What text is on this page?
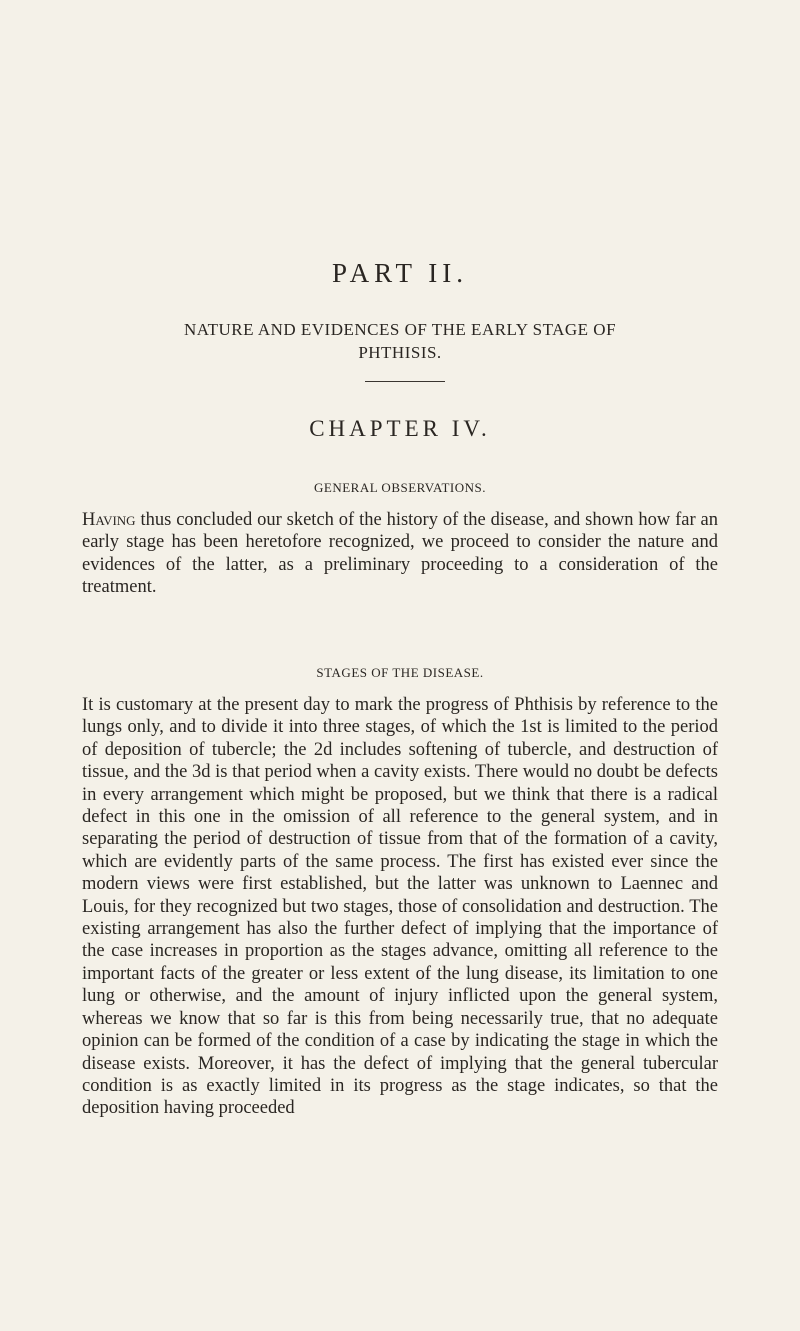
PART II.
NATURE AND EVIDENCES OF THE EARLY STAGE OF
PHTHISIS.
CHAPTER IV.
GENERAL OBSERVATIONS.

Having thus concluded our sketch of the history of the disease, and shown how far an early stage has been heretofore recognized, we proceed to consider the nature and evidences of the latter, as a preliminary proceeding to a consideration of the treatment.

STAGES OF THE DISEASE.

It is customary at the present day to mark the progress of Phthisis by reference to the lungs only, and to divide it into three stages, of which the 1st is limited to the period of deposition of tubercle; the 2d includes softening of tubercle, and destruction of tissue, and the 3d is that period when a cavity exists. There would no doubt be defects in every arrangement which might be proposed, but we think that there is a radical defect in this one in the omission of all reference to the general system, and in separating the period of destruction of tissue from that of the formation of a cavity, which are evidently parts of the same process. The first has existed ever since the modern views were first established, but the latter was unknown to Laennec and Louis, for they recognized but two stages, those of consolidation and destruction. The existing arrangement has also the further defect of implying that the importance of the case increases in proportion as the stages advance, omitting all reference to the important facts of the greater or less extent of the lung disease, its limitation to one lung or otherwise, and the amount of injury inflicted upon the general system, whereas we know that so far is this from being necessarily true, that no adequate opinion can be formed of the condition of a case by indicating the stage in which the disease exists. Moreover, it has the defect of implying that the general tubercular condition is as exactly limited in its progress as the stage indicates, so that the deposition having proceeded
